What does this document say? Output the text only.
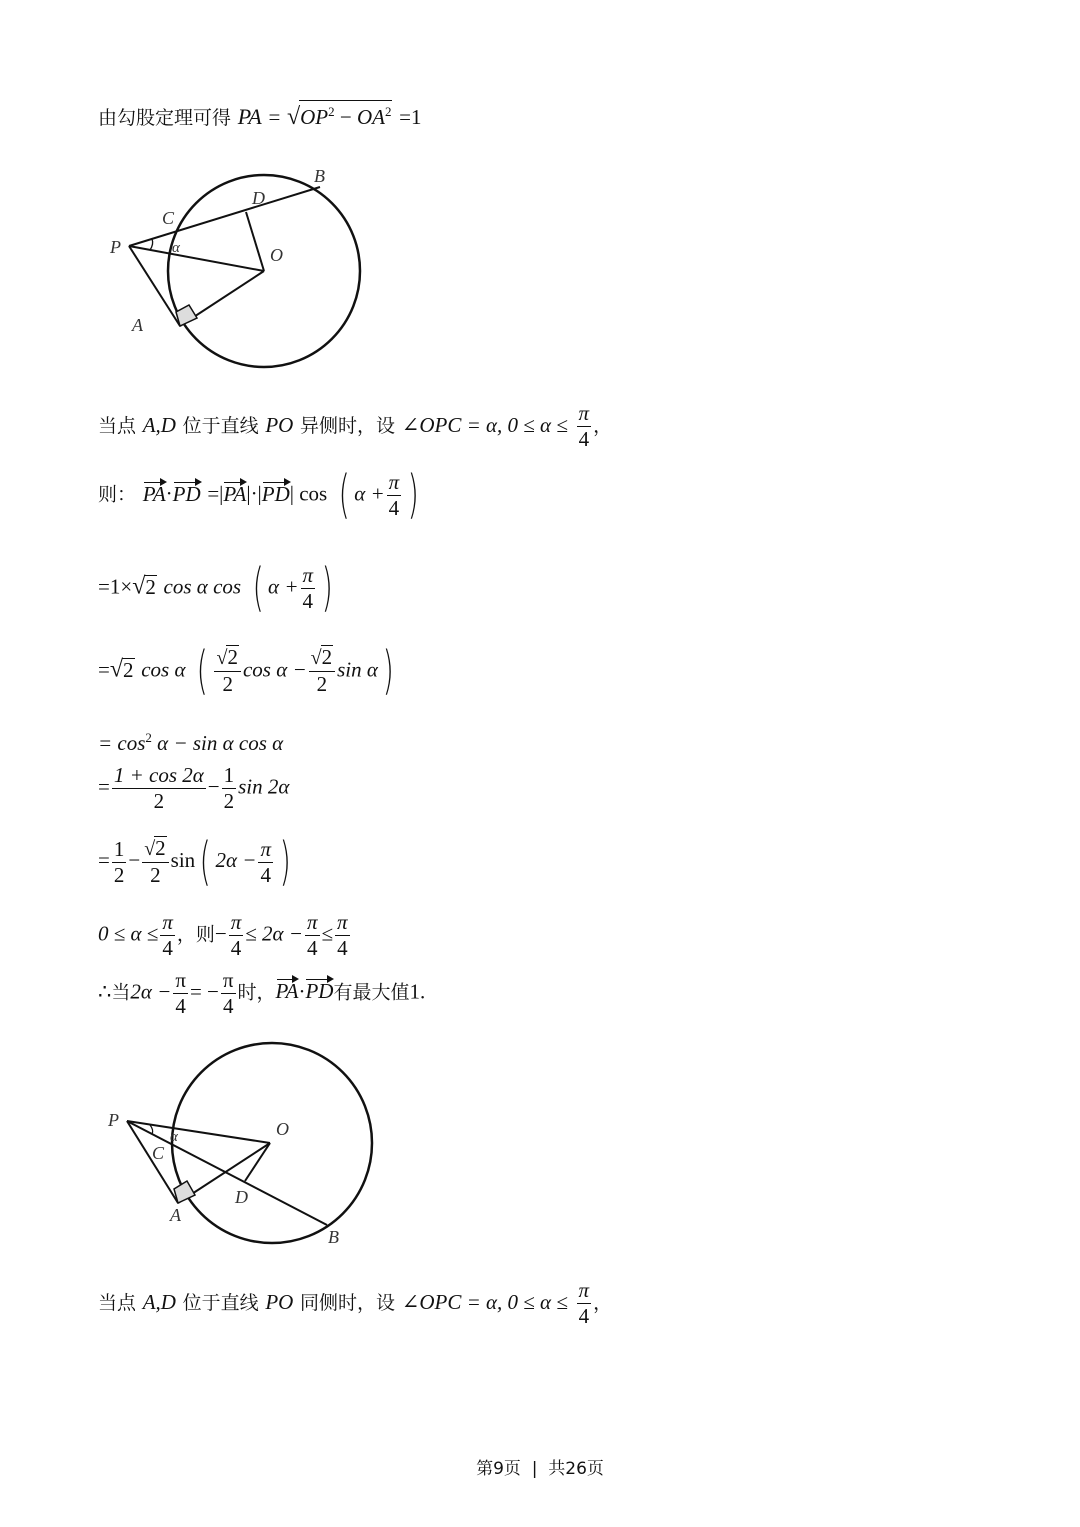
由勾股定理可得 PA = $√OP^2 - OA^2 =1$
P
C
D
B
O
A
α
当点 A,D 位于直线 PO 异侧时，设 ∠OPC = α, $0 \le \alpha \le \frac{\pi}{4}$ ，
则： PA·PD =|PA|·|PD| cos ( $\alpha + \frac{\pi}{4}$ )
=1×√2 cos α cos ( $\alpha + \frac{\pi}{4}$ )
=√2 cos α ( $\frac{√2}{2}$ $\cos \alpha - \frac{√2}{2}$ sin α)
= $\cos^2 \alpha - \sin \alpha$ cos α
= $\frac{1 + \cos 2\alpha}{2} - \frac{1}{2}$ sin 2α
= $\frac{1}{2} - \frac{√2}{2} \sin$( $2\alpha - \frac{\pi}{4}$ )
$0 \le \alpha \le \frac{\pi}{4}$ ，则− $\frac{\pi}{4} \le 2\alpha - \frac{\pi}{4} \le \frac{\pi}{4}$
∴当$2\alpha - \frac{\pi}{4}$ = − $\frac{\pi}{4}$ 时，PA·PD有最大值1.
P
C
O
A
D
B
α
当点 A,D 位于直线 PO 同侧时，设 ∠OPC = α, $0 \le \alpha \le \frac{\pi}{4}$ ，
第9页 | 共26页
